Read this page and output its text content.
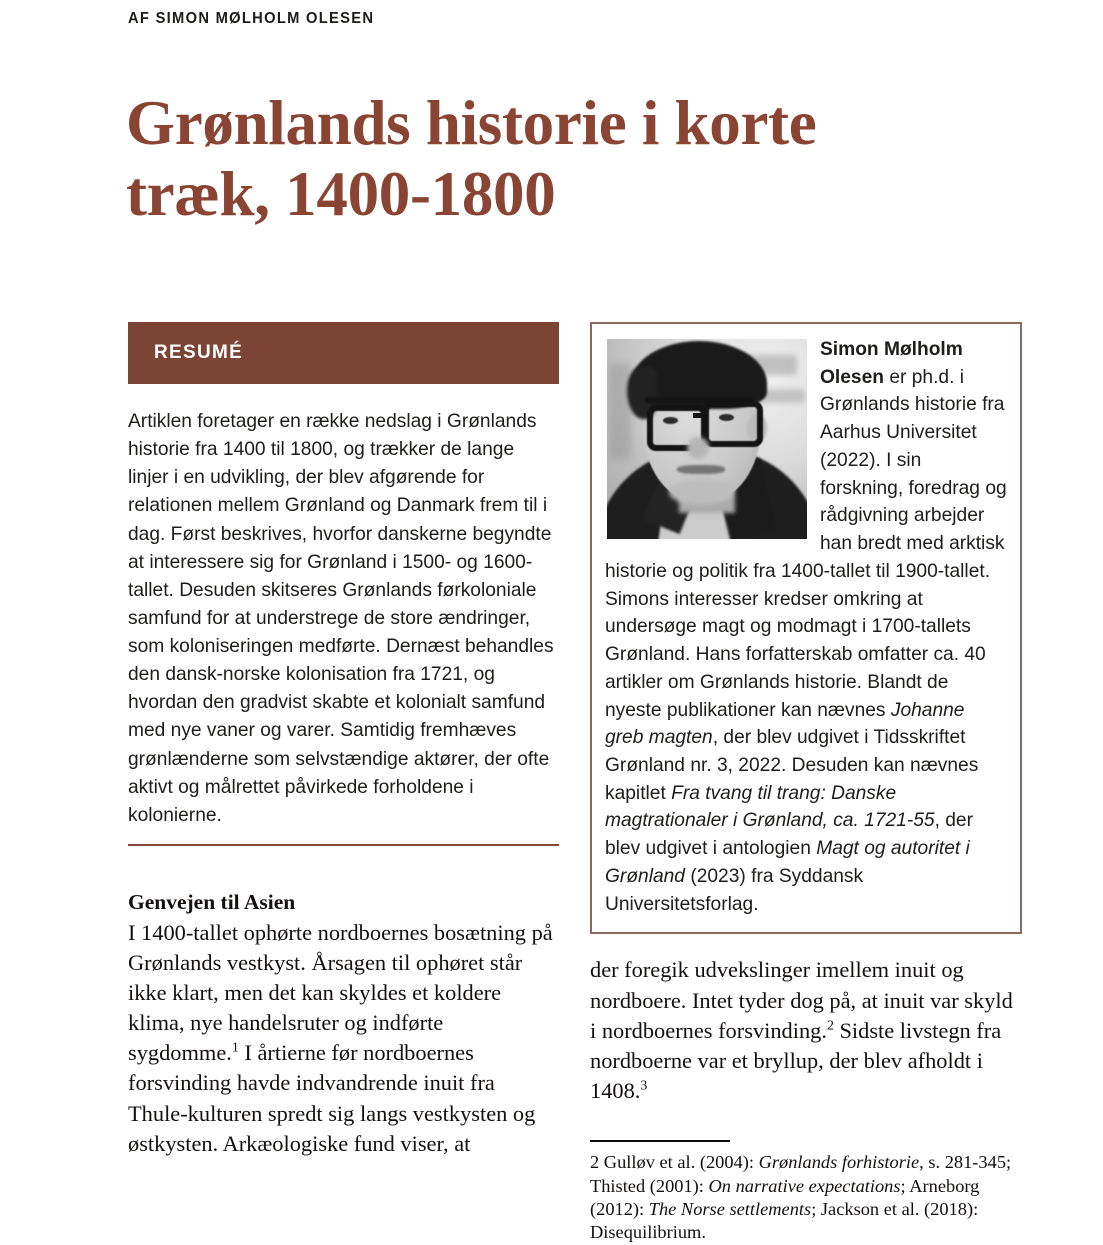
AF SIMON MØLHOLM OLESEN
Grønlands historie i korte træk, 1400-1800
RESUMÉ
Artiklen foretager en række nedslag i Grønlands historie fra 1400 til 1800, og trækker de lange linjer i en udvikling, der blev afgørende for relationen mellem Grønland og Danmark frem til i dag. Først beskrives, hvorfor danskerne begyndte at interessere sig for Grønland i 1500- og 1600-tallet. Desuden skitseres Grønlands førkoloniale samfund for at understrege de store ændringer, som koloniseringen medførte. Dernæst behandles den dansk-norske kolonisation fra 1721, og hvordan den gradvist skabte et kolonialt samfund med nye vaner og varer. Samtidig fremhæves grønlænderne som selvstændige aktører, der ofte aktivt og målrettet påvirkede forholdene i kolonierne.
Genvejen til Asien

I 1400-tallet ophørte nordboernes bosætning på Grønlands vestkyst. Årsagen til ophøret står ikke klart, men det kan skyldes et koldere klima, nye handelsruter og indførte sygdomme.$^1$ I årtierne før nordboernes forsvinding havde indvandrende inuit fra Thule-kulturen spredt sig langs vestkysten og østkysten. Arkæologiske fund viser, at

Simon Mølholm Olesen er ph.d. i Grønlands historie fra Aarhus Universitet (2022). I sin forskning, foredrag og rådgivning arbejder han bredt med arktisk historie og politik fra 1400-tallet til 1900-tallet. Simons interesser kredser omkring at undersøge magt og modmagt i 1700-tallets Grønland. Hans forfatterskab omfatter ca. 40 artikler om Grønlands historie. Blandt de nyeste publikationer kan nævnes Johanne greb magten, der blev udgivet i Tidsskriftet Grønland nr. 3, 2022. Desuden kan nævnes kapitlet Fra tvang til trang: Danske magtrationaler i Grønland, ca. 1721-55, der blev udgivet i antologien Magt og autoritet i Grønland (2023) fra Syddansk Universitetsforlag.

der foregik udvekslinger imellem inuit og nordboere. Intet tyder dog på, at inuit var skyld i nordboernes forsvinding.$^2$ Sidste livstegn fra nordboerne var et bryllup, der blev afholdt i 1408.$^3$

2 Gulløv et al. (2004): Grønlands forhistorie, s. 281-345; Thisted (2001): On narrative expectations; Arneborg (2012): The Norse settlements; Jackson et al. (2018): Disequilibrium.
